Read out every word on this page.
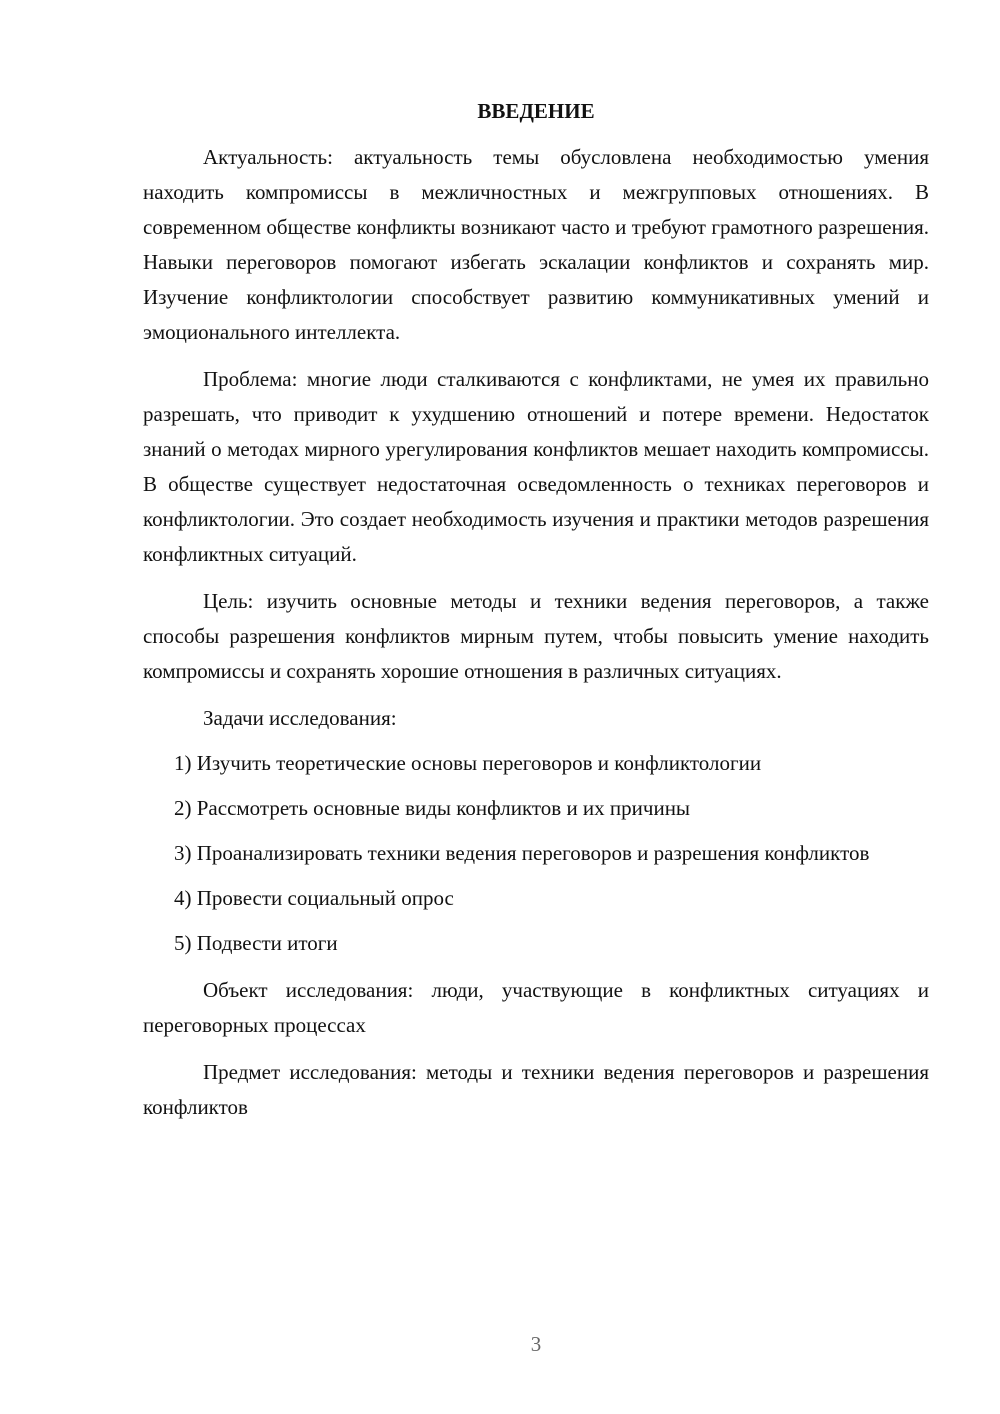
ВВЕДЕНИЕ

Актуальность: актуальность темы обусловлена необходимостью умения находить компромиссы в межличностных и межгрупповых отношениях. В современном обществе конфликты возникают часто и требуют грамотного разрешения. Навыки переговоров помогают избегать эскалации конфликтов и сохранять мир. Изучение конфликтологии способствует развитию коммуникативных умений и эмоционального интеллекта.

Проблема: многие люди сталкиваются с конфликтами, не умея их правильно разрешать, что приводит к ухудшению отношений и потере времени. Недостаток знаний о методах мирного урегулирования конфликтов мешает находить компромиссы. В обществе существует недостаточная осведомленность о техниках переговоров и конфликтологии. Это создает необходимость изучения и практики методов разрешения конфликтных ситуаций.

Цель: изучить основные методы и техники ведения переговоров, а также способы разрешения конфликтов мирным путем, чтобы повысить умение находить компромиссы и сохранять хорошие отношения в различных ситуациях.

Задачи исследования:

1) Изучить теоретические основы переговоров и конфликтологии

2) Рассмотреть основные виды конфликтов и их причины

3) Проанализировать техники ведения переговоров и разрешения конфликтов

4) Провести социальный опрос

5) Подвести итоги

Объект исследования: люди, участвующие в конфликтных ситуациях и переговорных процессах

Предмет исследования: методы и техники ведения переговоров и разрешения конфликтов

3
